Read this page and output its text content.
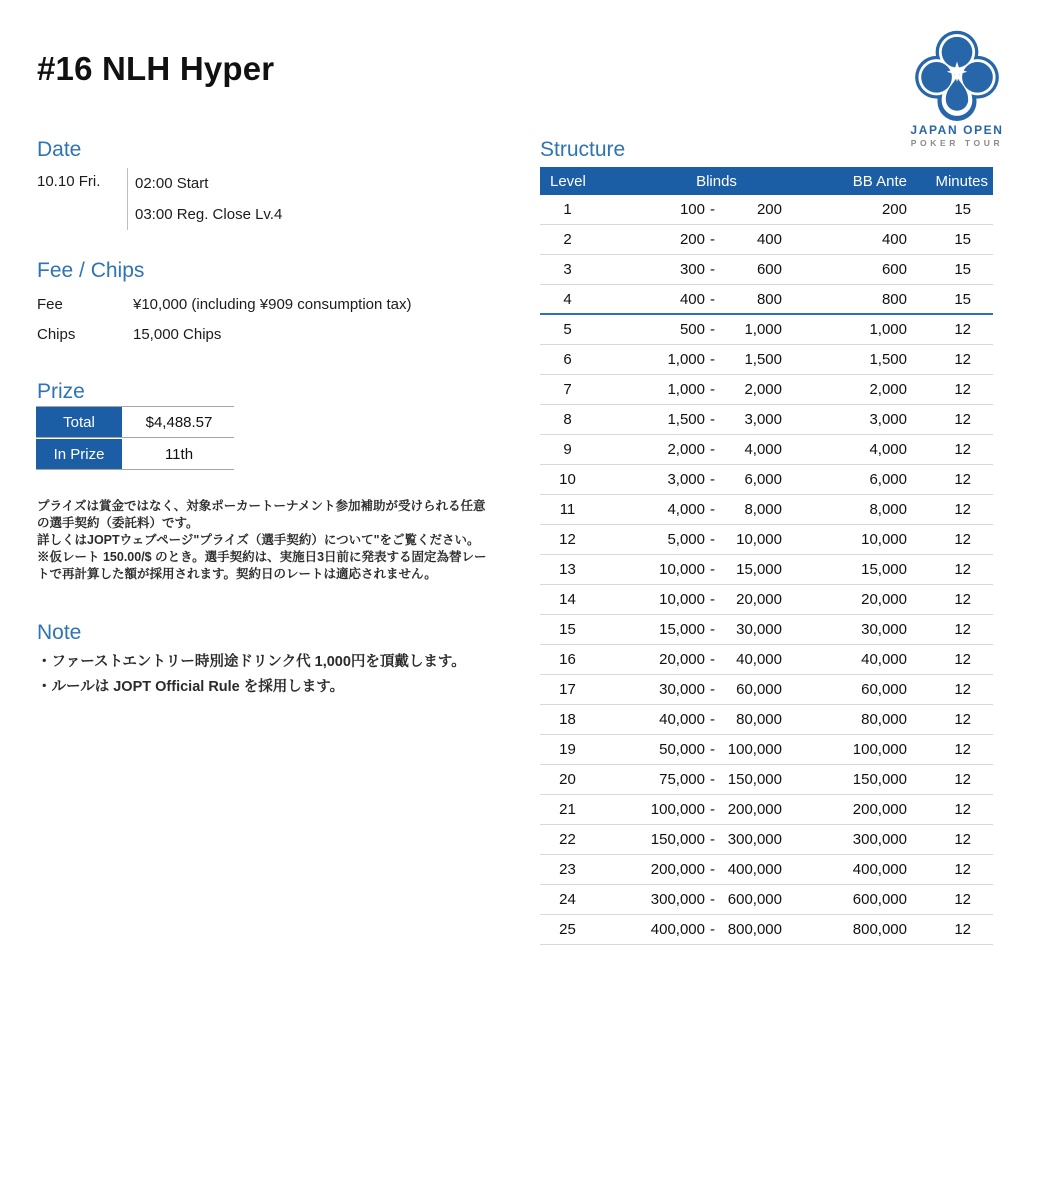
#16 NLH Hyper
JAPAN OPEN
POKER TOUR
Date
10.10 Fri.	02:00 Start
03:00 Reg. Close Lv.4
Fee / Chips
Fee	¥10,000 (including ¥909 consumption tax)
Chips	15,000 Chips
Prize
Total	$4,488.57
In Prize	11th

プライズは賞金ではなく、対象ポーカートーナメント参加補助が受けられる任意の選手契約（委託料）です。

詳しくはJOPTウェブページ"プライズ（選手契約）について"をご覧ください。

※仮レート 150.00/$ のとき。選手契約は、実施日3日前に発表する固定為替レートで再計算した額が採用されます。契約日のレートは適応されません。

Note
・ファーストエントリー時別途ドリンク代 1,000円を頂戴します。
・ルールは JOPT Official Rule を採用します。
Structure
Level	Blinds	BB Ante	Minutes
1	100 -	200	200	15
2	200 -	400	400	15
3	300 -	600	600	15
4	400 -	800	800	15
5	500 -	1,000	1,000	12
6	1,000 -	1,500	1,500	12
7	1,000 -	2,000	2,000	12
8	1,500 -	3,000	3,000	12
9	2,000 -	4,000	4,000	12
10	3,000 -	6,000	6,000	12
11	4,000 -	8,000	8,000	12
12	5,000 -	10,000	10,000	12
13	10,000 -	15,000	15,000	12
14	10,000 -	20,000	20,000	12
15	15,000 -	30,000	30,000	12
16	20,000 -	40,000	40,000	12
17	30,000 -	60,000	60,000	12
18	40,000 -	80,000	80,000	12
19	50,000 - 100,000	100,000	12
20	75,000 - 150,000	150,000	12
21	100,000 - 200,000	200,000	12
22	150,000 - 300,000	300,000	12
23	200,000 - 400,000	400,000	12
24	300,000 - 600,000	600,000	12
25	400,000 - 800,000	800,000	12
